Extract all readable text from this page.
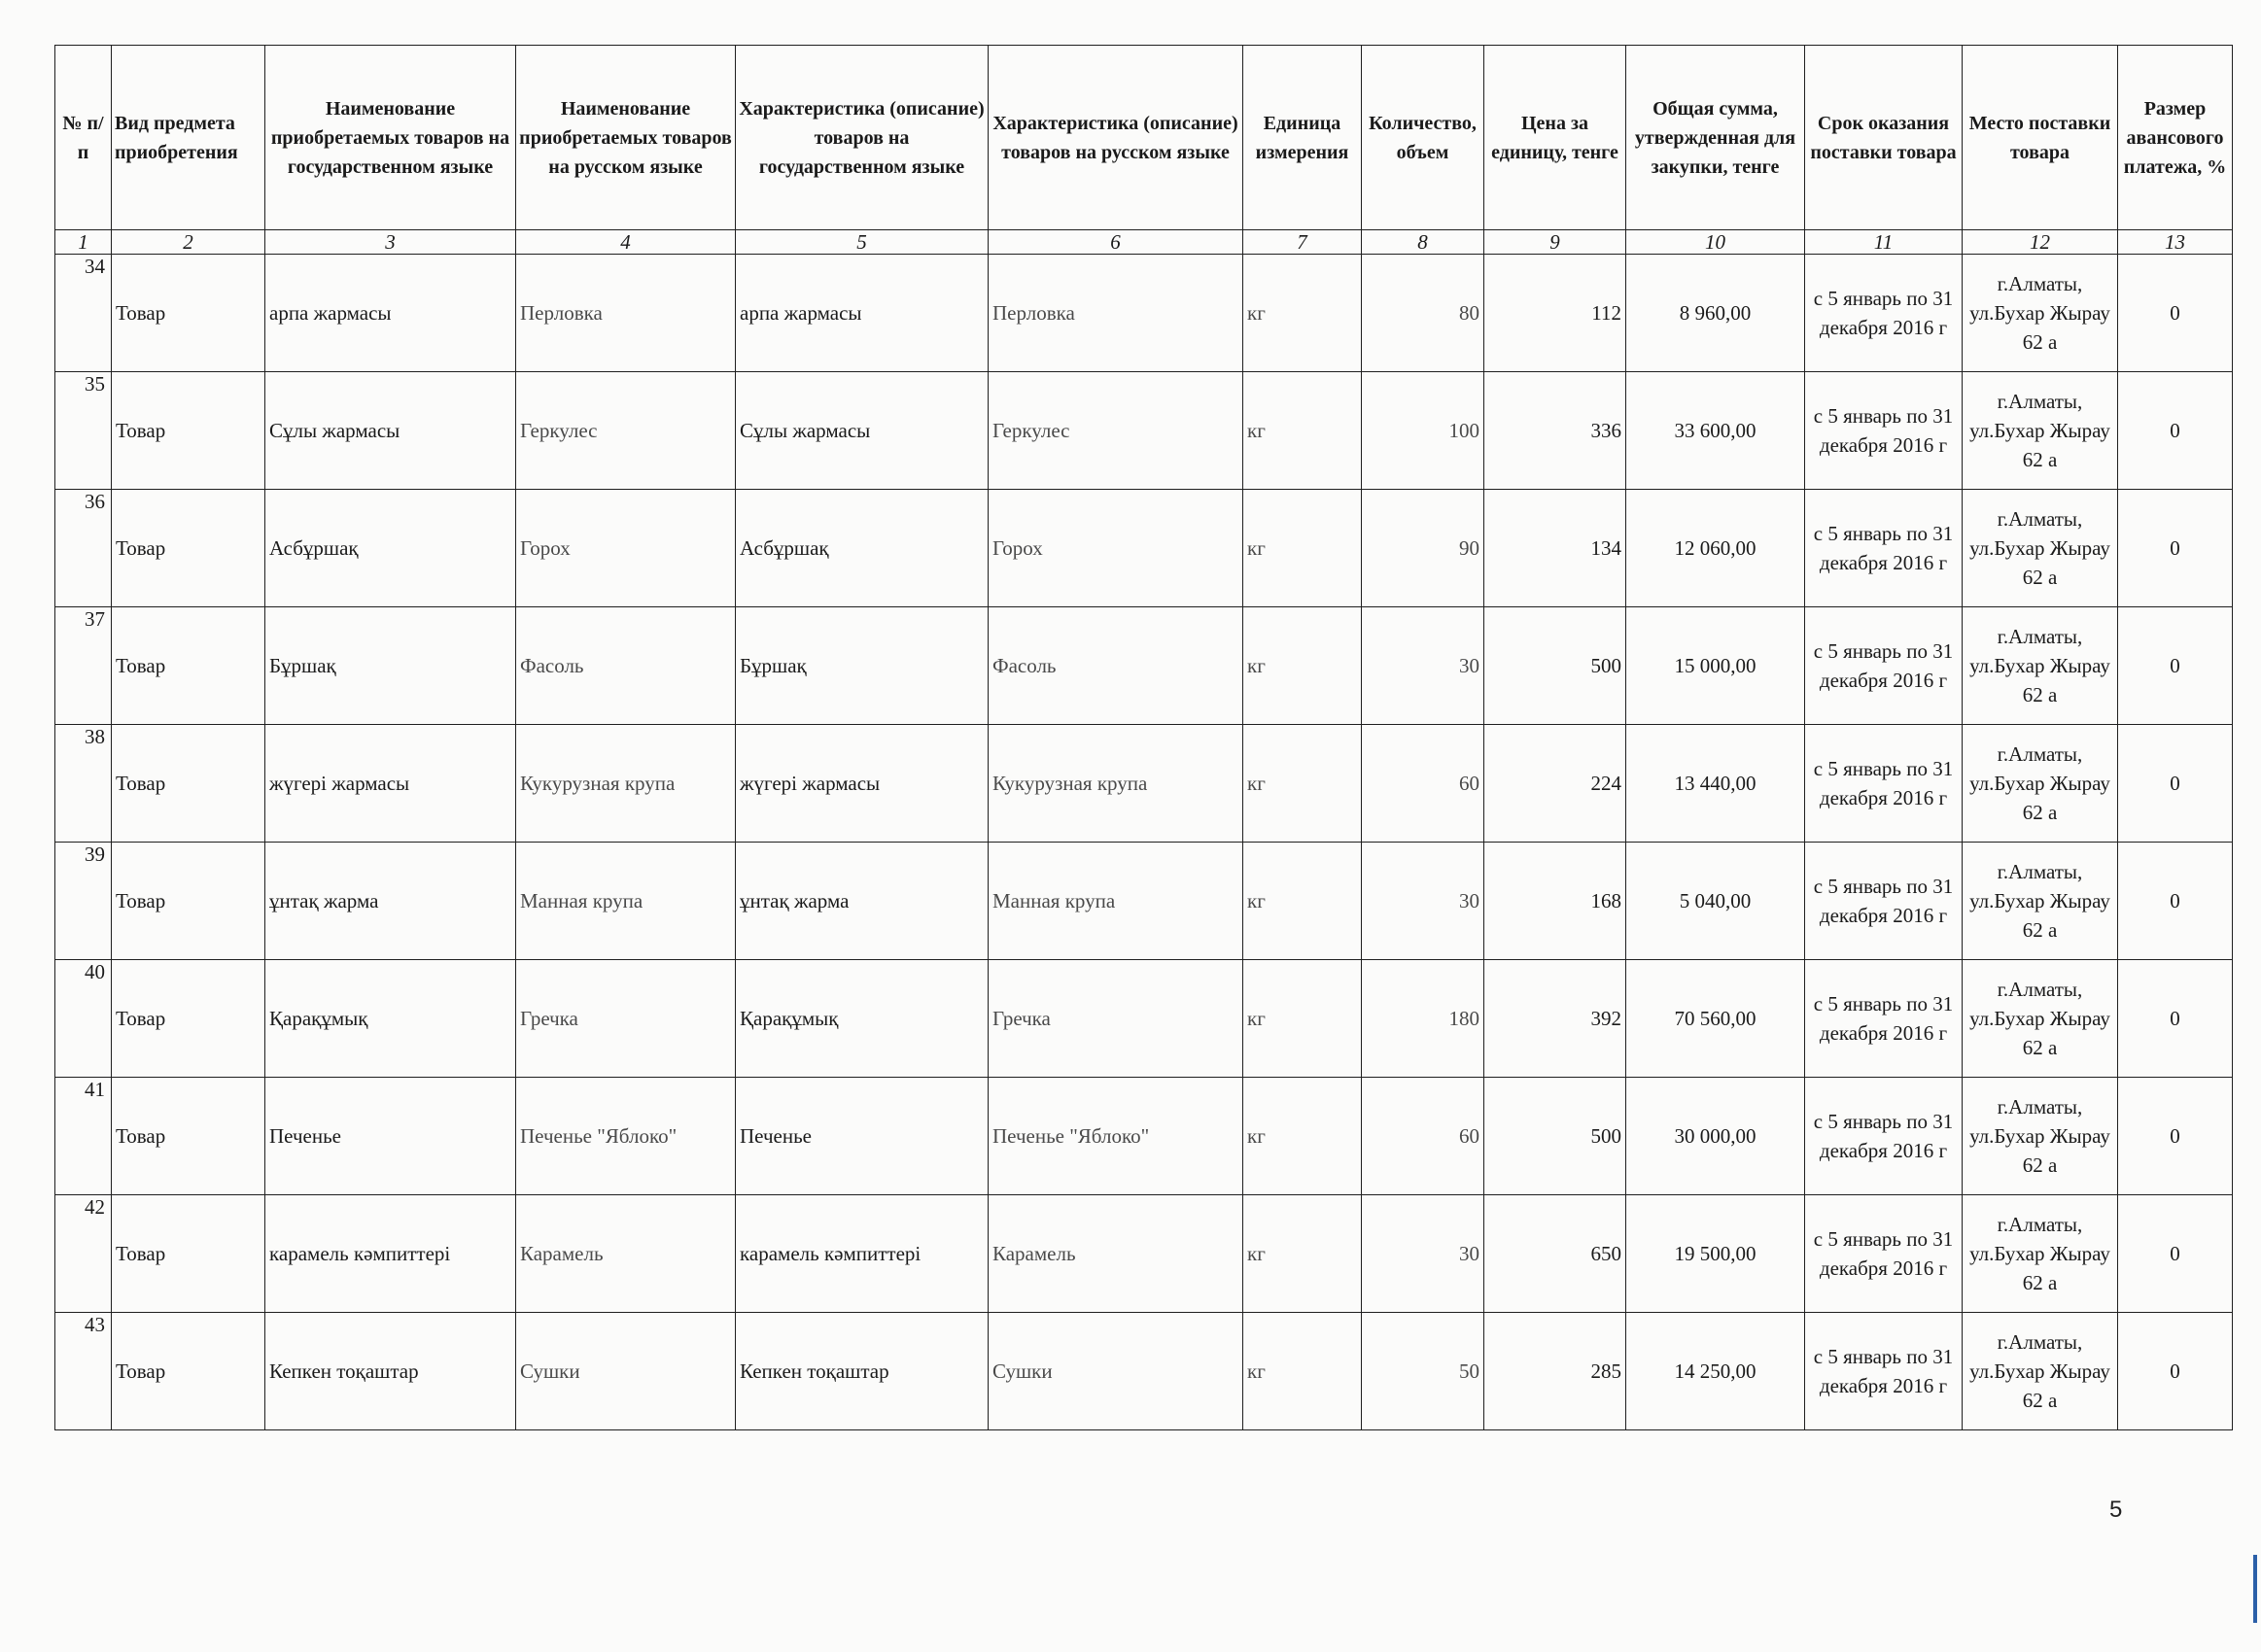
№ п/п	Вид предмета приобретения	Наименование приобретаемых товаров на государственном языке	Наименование приобретаемых товаров на русском языке	Характеристика (описание) товаров на государственном языке	Характеристика (описание) товаров на русском языке	Единица измерения	Количество, объем	Цена за единицу, тенге	Общая сумма, утвержденная для закупки, тенге	Срок оказания поставки товара	Место поставки товара	Размер авансового платежа, %
1	2	3	4	5	6	7	8	9	10	11	12	13

34	Товар	арпа жармасы	Перловка	арпа жармасы	Перловка	кг	80	112	8 960,00	с 5 январь по 31 декабря 2016 г	г.Алматы, ул.Бухар Жырау 62 а	0

35	Товар	Сұлы жармасы	Геркулес	Сұлы жармасы	Геркулес	кг	100	336	33 600,00	с 5 январь по 31 декабря 2016 г	г.Алматы, ул.Бухар Жырау 62 а	0

36	Товар	Асбұршақ	Горох	Асбұршақ	Горох	кг	90	134	12 060,00	с 5 январь по 31 декабря 2016 г	г.Алматы, ул.Бухар Жырау 62 а	0

37	Товар	Бұршақ	Фасоль	Бұршақ	Фасоль	кг	30	500	15 000,00	с 5 январь по 31 декабря 2016 г	г.Алматы, ул.Бухар Жырау 62 а	0

38	Товар	жүгері жармасы	Кукурузная крупа	жүгері жармасы	Кукурузная крупа	кг	60	224	13 440,00	с 5 январь по 31 декабря 2016 г	г.Алматы, ул.Бухар Жырау 62 а	0

39	Товар	ұнтақ жарма	Манная крупа	ұнтақ жарма	Манная крупа	кг	30	168	5 040,00	с 5 январь по 31 декабря 2016 г	г.Алматы, ул.Бухар Жырау 62 а	0

40	Товар	Қарақұмық	Гречка	Қарақұмық	Гречка	кг	180	392	70 560,00	с 5 январь по 31 декабря 2016 г	г.Алматы, ул.Бухар Жырау 62 а	0

41	Товар	Печенье	Печенье "Яблоко"	Печенье	Печенье "Яблоко"	кг	60	500	30 000,00	с 5 январь по 31 декабря 2016 г	г.Алматы, ул.Бухар Жырау 62 а	0

42	Товар	карамель кәмпиттері	Карамель	карамель кәмпиттері	Карамель	кг	30	650	19 500,00	с 5 январь по 31 декабря 2016 г	г.Алматы, ул.Бухар Жырау 62 а	0

43	Товар	Кепкен тоқаштар	Сушки	Кепкен тоқаштар	Сушки	кг	50	285	14 250,00	с 5 январь по 31 декабря 2016 г	г.Алматы, ул.Бухар Жырау 62 а	0
5
